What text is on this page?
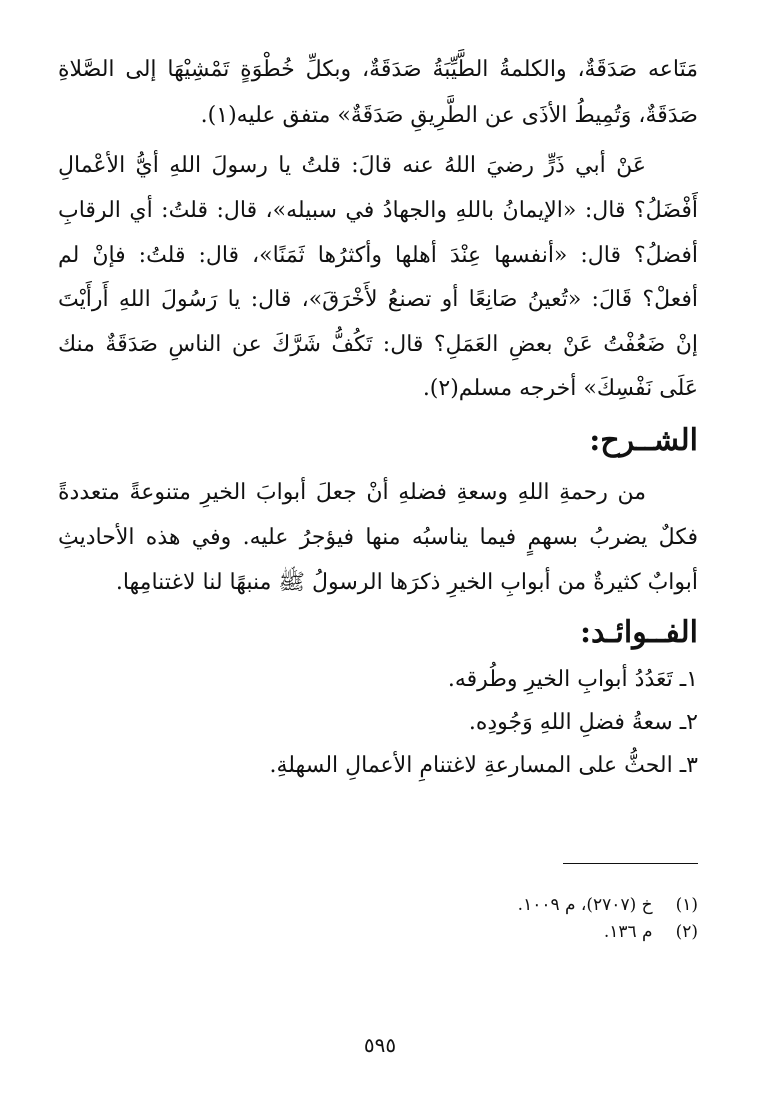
مَتَاعه صَدَقَةٌ، والكلمةُ الطَّيِّبَةُ صَدَقَةٌ، وبكلِّ خُطْوَةٍ تَمْشِيْهَا إلى الصَّلاةِ
صَدَقَةٌ، وَتُمِيطُ الأذَى عن الطَّرِيقِ صَدَقَةٌ» متفق عليه(١).
عَنْ أبي ذَرٍّ رضيَ اللهُ عنه قالَ: قلتُ يا رسولَ اللهِ أيُّ الأعْمالِ
أَفْضَلُ؟ قال: «الإيمانُ باللهِ والجهادُ في سبيله»، قال: قلتُ: أي الرقابِ
أفضلُ؟ قال: «أنفسها عِنْدَ أهلها وأكثرُها ثَمَنًا»، قال: قلتُ: فإنْ لم
أفعلْ؟ قَالَ: «تُعينُ صَانِعًا أو تصنعُ لأَخْرَقَ»، قال: يا رَسُولَ اللهِ أَرأَيْتَ
إنْ ضَعُفْتُ عَنْ بعضِ العَمَلِ؟ قال: تَكُفُّ شَرَّكَ عن الناسِ صَدَقَةٌ منك
عَلَى نَفْسِكَ» أخرجه مسلم(٢).
الشــرح:
من رحمةِ اللهِ وسعةِ فضلهِ أنْ جعلَ أبوابَ الخيرِ متنوعةً متعددةً
فكلٌ يضربُ بسهمٍ فيما يناسبُه منها فيؤجرُ عليه. وفي هذه الأحاديثِ
أبوابٌ كثيرةٌ من أبوابِ الخيرِ ذكرَها الرسولُ ﷺ منبهًا لنا لاغتنامِها.
الفــوائـد:
١ـ تَعَدُدُ أبوابِ الخيرِ وطُرقه.
٢ـ سعةُ فضلِ اللهِ وَجُودِه.
٣ـ الحثُّ على المسارعةِ لاغتنامِ الأعمالِ السهلةِ.
(١) خ (٢٧٠٧)، م ١٠٠٩.
(٢) م ١٣٦.
٥٩٥
